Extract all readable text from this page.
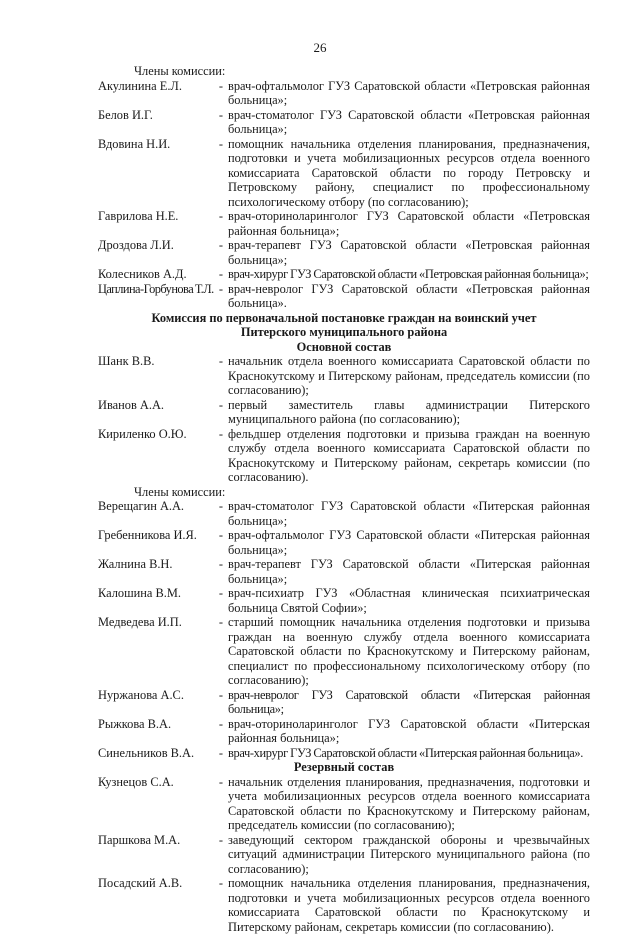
26
Члены комиссии:
Акулинина Е.Л.	- врач-офтальмолог ГУЗ Саратовской области «Петровская районная больница»;
Белов И.Г.	- врач-стоматолог ГУЗ Саратовской области «Петровская районная больница»;
Вдовина Н.И.	- помощник начальника отделения планирования, предназначения, подготовки и учета мобилизационных ресурсов отдела военного комиссариата Саратовской области по городу Петровску и Петровскому району, специалист по профессиональному психологическому отбору (по согласованию);
Гаврилова Н.Е.	- врач-оториноларинголог ГУЗ Саратовской области «Петровская районная больница»;
Дроздова Л.И.	- врач-терапевт ГУЗ Саратовской области «Петровская районная больница»;
Колесников А.Д.	- врач-хирург ГУЗ Саратовской области «Петровская районная больница»;
Цаплина-Горбунова Т.Л. - врач-невролог ГУЗ Саратовской области «Петровская районная больница».
Комиссия по первоначальной постановке граждан на воинский учет
Питерского муниципального района
Основной состав
Шанк В.В.	- начальник отдела военного комиссариата Саратовской области по Краснокутскому и Питерскому районам, председатель комиссии (по согласованию);
Иванов А.А.	- первый заместитель главы администрации Питерского муниципального района (по согласованию);
Кириленко О.Ю.	- фельдшер отделения подготовки и призыва граждан на военную службу отдела военного комиссариата Саратовской области по Краснокутскому и Питерскому районам, секретарь комиссии (по согласованию).
Члены комиссии:
Верещагин А.А.	- врач-стоматолог ГУЗ Саратовской области «Питерская районная больница»;
Гребенникова И.Я.	- врач-офтальмолог ГУЗ Саратовской области «Питерская районная больница»;
Жалнина В.Н.	- врач-терапевт ГУЗ Саратовской области «Питерская районная больница»;
Калошина В.М.	- врач-психиатр ГУЗ «Областная клиническая психиатрическая больница Святой Софии»;
Медведева И.П.	- старший помощник начальника отделения подготовки и призыва граждан на военную службу отдела военного комиссариата Саратовской области по Краснокутскому и Питерскому районам, специалист по профессиональному психологическому отбору (по согласованию);
Нуржанова А.С.	- врач-невролог ГУЗ Саратовской области «Питерская районная больница»;
Рыжкова В.А.	- врач-оториноларинголог ГУЗ Саратовской области «Питерская районная больница»;
Синельников В.А.	- врач-хирург ГУЗ Саратовской области «Питерская районная больница».
Резервный состав
Кузнецов С.А.	- начальник отделения планирования, предназначения, подготовки и учета мобилизационных ресурсов отдела военного комиссариата Саратовской области по Краснокутскому и Питерскому районам, председатель комиссии (по согласованию);
Паршкова М.А.	- заведующий сектором гражданской обороны и чрезвычайных ситуаций администрации Питерского муниципального района (по согласованию);
Посадский А.В.	- помощник начальника отделения планирования, предназначения, подготовки и учета мобилизационных ресурсов отдела военного комиссариата Саратовской области по Краснокутскому и Питерскому районам, секретарь комиссии (по согласованию).
